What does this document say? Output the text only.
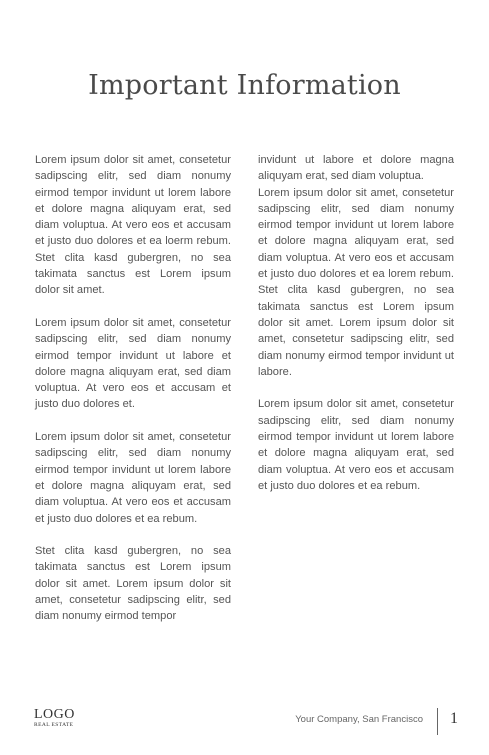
Important Information

Lorem ipsum dolor sit amet, consetetur sadipscing elitr, sed diam nonumy eirmod tempor invidunt ut lorem labore et dolore magna aliquyam erat, sed diam voluptua. At vero eos et accusam et justo duo dolores et ea loerm rebum. Stet clita kasd gubergren, no sea takimata sanctus est Lorem ipsum dolor sit amet.

Lorem ipsum dolor sit amet, consetetur sadipscing elitr, sed diam nonumy eirmod tempor invidunt ut labore et dolore magna aliquyam erat, sed diam voluptua. At vero eos et accusam et justo duo dolores et.

Lorem ipsum dolor sit amet, consetetur sadipscing elitr, sed diam nonumy eirmod tempor invidunt ut lorem labore et dolore magna aliquyam erat, sed diam voluptua. At vero eos et accusam et justo duo dolores et ea rebum.

Stet clita kasd gubergren, no sea takimata sanctus est Lorem ipsum dolor sit amet. Lorem ipsum dolor sit amet, consetetur sadipscing elitr, sed diam nonumy eirmod tempor

invidunt ut labore et dolore magna aliquyam erat, sed diam voluptua.

Lorem ipsum dolor sit amet, consetetur sadipscing elitr, sed diam nonumy eirmod tempor invidunt ut lorem labore et dolore magna aliquyam erat, sed diam voluptua. At vero eos et accusam et justo duo dolores et ea lorem rebum. Stet clita kasd gubergren, no sea takimata sanctus est Lorem ipsum dolor sit amet. Lorem ipsum dolor sit amet, consetetur sadipscing elitr, sed diam nonumy eirmod tempor invidunt ut labore.

Lorem ipsum dolor sit amet, consetetur sadipscing elitr, sed diam nonumy eirmod tempor invidunt ut lorem labore et dolore magna aliquyam erat, sed diam voluptua. At vero eos et accusam et justo duo dolores et ea rebum.

LOGO
REAL ESTATE	Your Company, San Francisco 1
